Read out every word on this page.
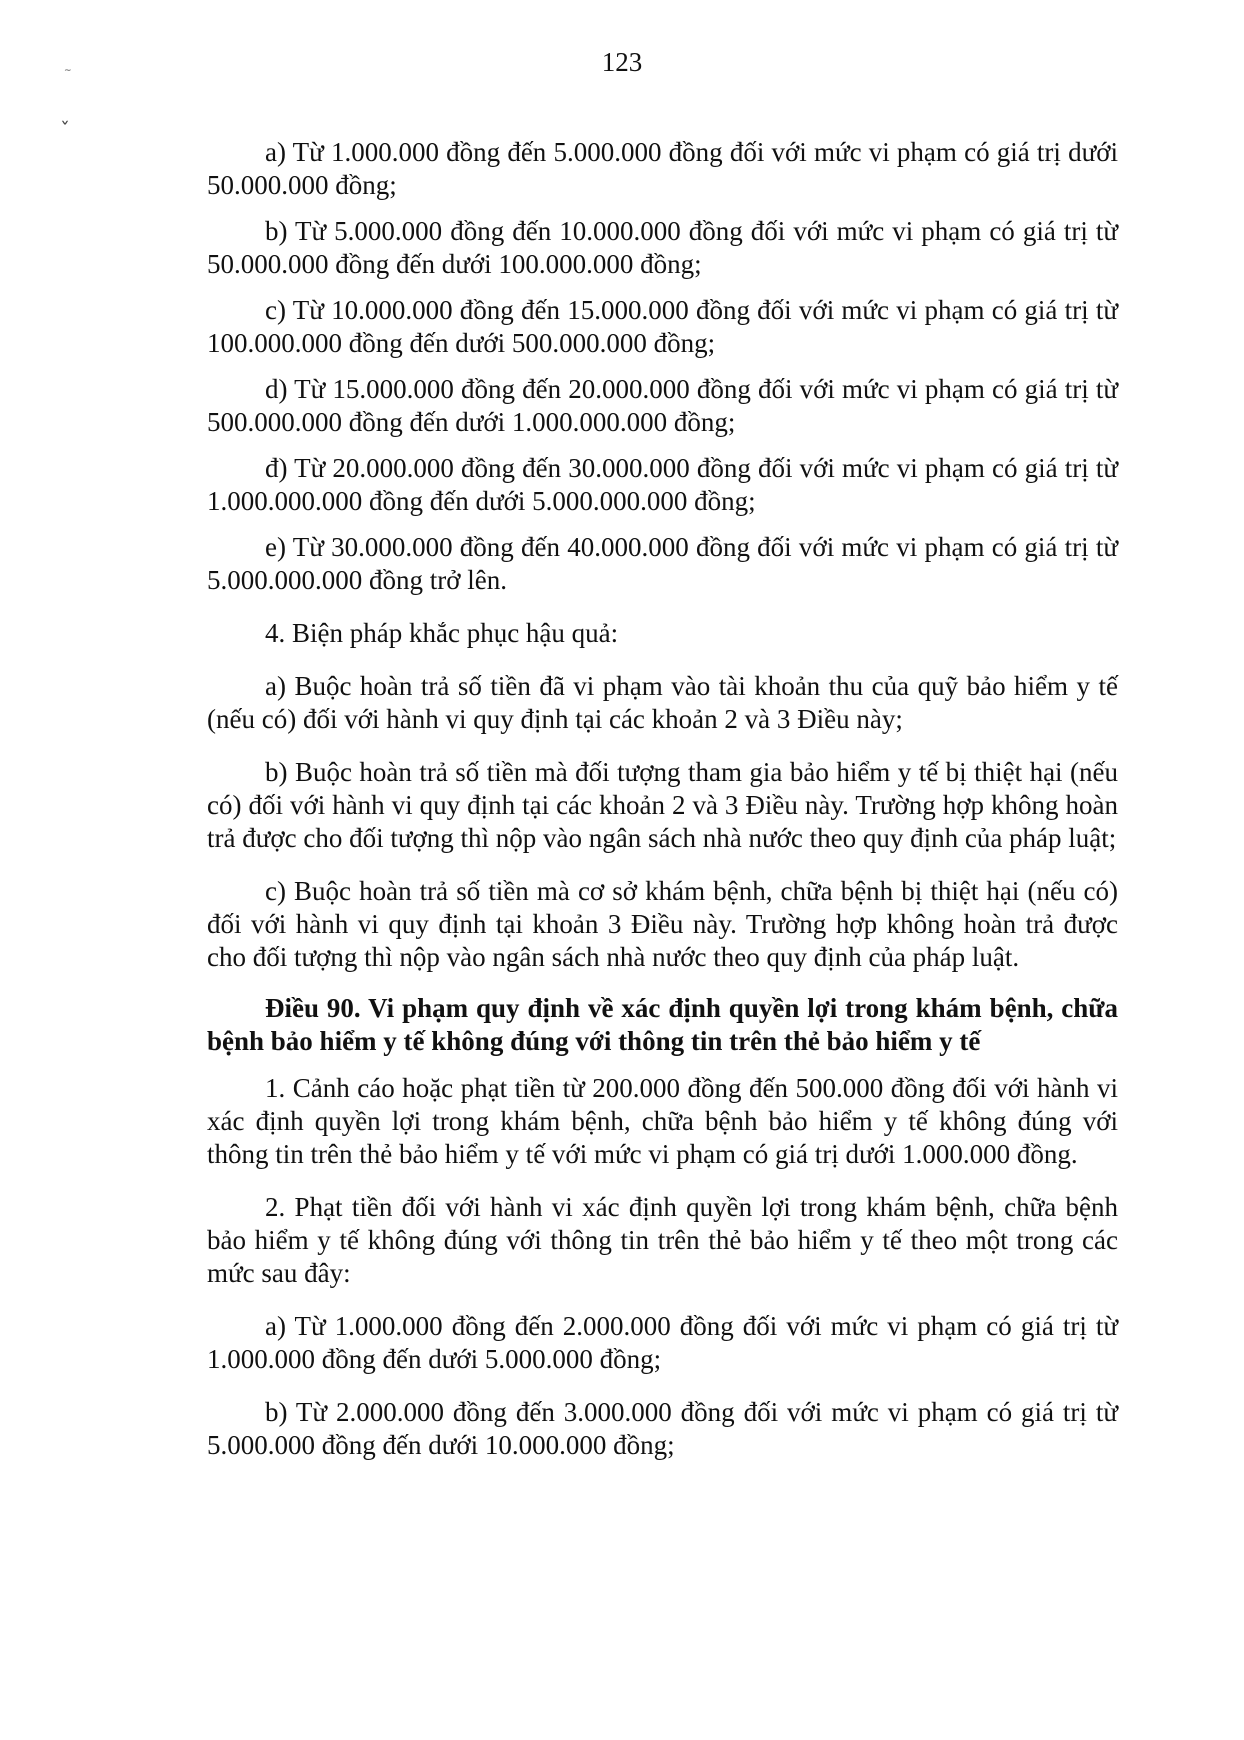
123
~
ˇ

a) Từ 1.000.000 đồng đến 5.000.000 đồng đối với mức vi phạm có giá trị dưới 50.000.000 đồng;

b) Từ 5.000.000 đồng đến 10.000.000 đồng đối với mức vi phạm có giá trị từ 50.000.000 đồng đến dưới 100.000.000 đồng;

c) Từ 10.000.000 đồng đến 15.000.000 đồng đối với mức vi phạm có giá trị từ 100.000.000 đồng đến dưới 500.000.000 đồng;

d) Từ 15.000.000 đồng đến 20.000.000 đồng đối với mức vi phạm có giá trị từ 500.000.000 đồng đến dưới 1.000.000.000 đồng;

đ) Từ 20.000.000 đồng đến 30.000.000 đồng đối với mức vi phạm có giá trị từ 1.000.000.000 đồng đến dưới 5.000.000.000 đồng;

e) Từ 30.000.000 đồng đến 40.000.000 đồng đối với mức vi phạm có giá trị từ 5.000.000.000 đồng trở lên.

4. Biện pháp khắc phục hậu quả:

a) Buộc hoàn trả số tiền đã vi phạm vào tài khoản thu của quỹ bảo hiểm y tế (nếu có) đối với hành vi quy định tại các khoản 2 và 3 Điều này;

b) Buộc hoàn trả số tiền mà đối tượng tham gia bảo hiểm y tế bị thiệt hại (nếu có) đối với hành vi quy định tại các khoản 2 và 3 Điều này. Trường hợp không hoàn trả được cho đối tượng thì nộp vào ngân sách nhà nước theo quy định của pháp luật;

c) Buộc hoàn trả số tiền mà cơ sở khám bệnh, chữa bệnh bị thiệt hại (nếu có) đối với hành vi quy định tại khoản 3 Điều này. Trường hợp không hoàn trả được cho đối tượng thì nộp vào ngân sách nhà nước theo quy định của pháp luật.

Điều 90. Vi phạm quy định về xác định quyền lợi trong khám bệnh, chữa bệnh bảo hiểm y tế không đúng với thông tin trên thẻ bảo hiểm y tế

1. Cảnh cáo hoặc phạt tiền từ 200.000 đồng đến 500.000 đồng đối với hành vi xác định quyền lợi trong khám bệnh, chữa bệnh bảo hiểm y tế không đúng với thông tin trên thẻ bảo hiểm y tế với mức vi phạm có giá trị dưới 1.000.000 đồng.

2. Phạt tiền đối với hành vi xác định quyền lợi trong khám bệnh, chữa bệnh bảo hiểm y tế không đúng với thông tin trên thẻ bảo hiểm y tế theo một trong các mức sau đây:

a) Từ 1.000.000 đồng đến 2.000.000 đồng đối với mức vi phạm có giá trị từ 1.000.000 đồng đến dưới 5.000.000 đồng;

b) Từ 2.000.000 đồng đến 3.000.000 đồng đối với mức vi phạm có giá trị từ 5.000.000 đồng đến dưới 10.000.000 đồng;
